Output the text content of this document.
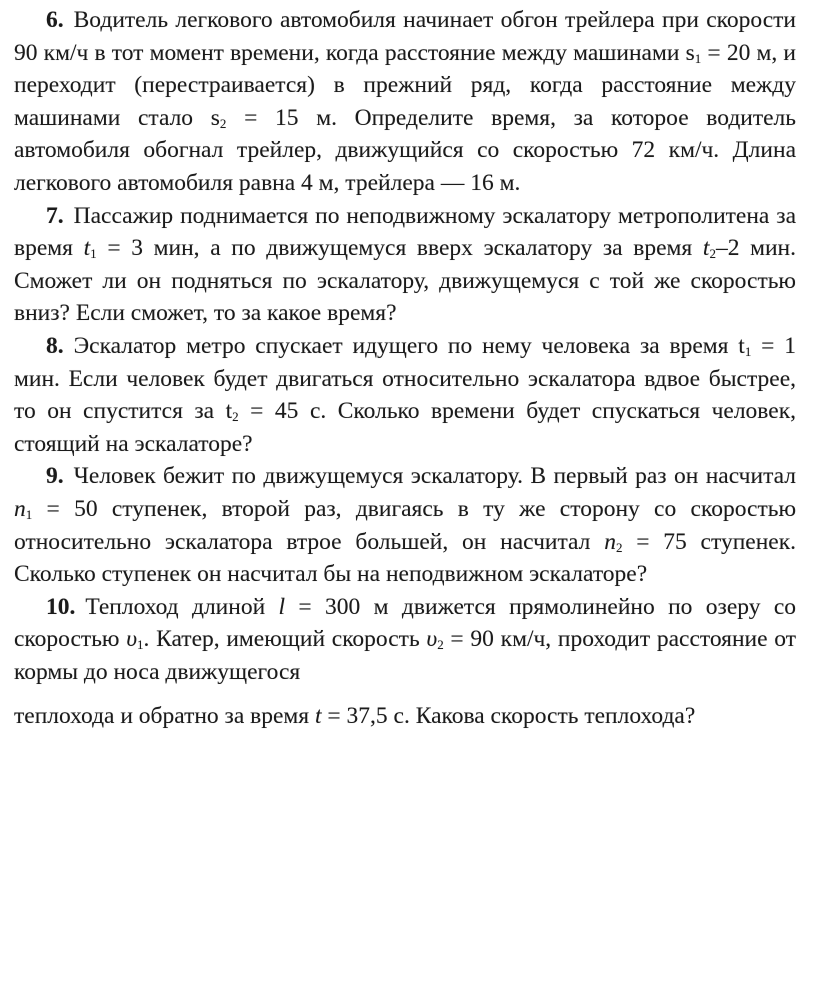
6. Водитель легкового автомобиля начинает обгон трейлера при скорости 90 км/ч в тот момент времени, когда расстояние между машинами $s_1 = 20$ м, и переходит (перестраивается) в прежний ряд, когда расстояние между машинами стало $s_2 = 15$ м. Определите время, за которое водитель автомобиля обогнал трейлер, движущийся со скоростью 72 км/ч. Длина легкового автомобиля равна 4 м, трейлера — 16 м.

7. Пассажир поднимается по неподвижному эскалатору метрополитена за время $t_1 = 3$ мин, а по движущемуся вверх эскалатору за время $t_2-2$ мин. Сможет ли он подняться по эскалатору, движущемуся с той же скоростью вниз? Если сможет, то за какое время?

8. Эскалатор метро спускает идущего по нему человека за время $t_1 = 1$ мин. Если человек будет двигаться относительно эскалатора вдвое быстрее, то он спустится за $t_2 = 45$ с. Сколько времени будет спускаться человек, стоящий на эскалаторе?

9. Человек бежит по движущемуся эскалатору. В первый раз он насчитал $n_1 = 50$ ступенек, второй раз, двигаясь в ту же сторону со скоростью относительно эскалатора втрое большей, он насчитал $n_2 = 75$ ступенек. Сколько ступенек он насчитал бы на неподвижном эскалаторе?

10. Теплоход длиной l = 300 м движется прямолинейно по озеру со скоростью $\upsilon_1$. Катер, имеющий скорость $\upsilon_2 = 90$ км/ч, проходит расстояние от кормы до носа движущегося
теплохода и обратно за время t = 37,5 с. Какова скорость теплохода?
